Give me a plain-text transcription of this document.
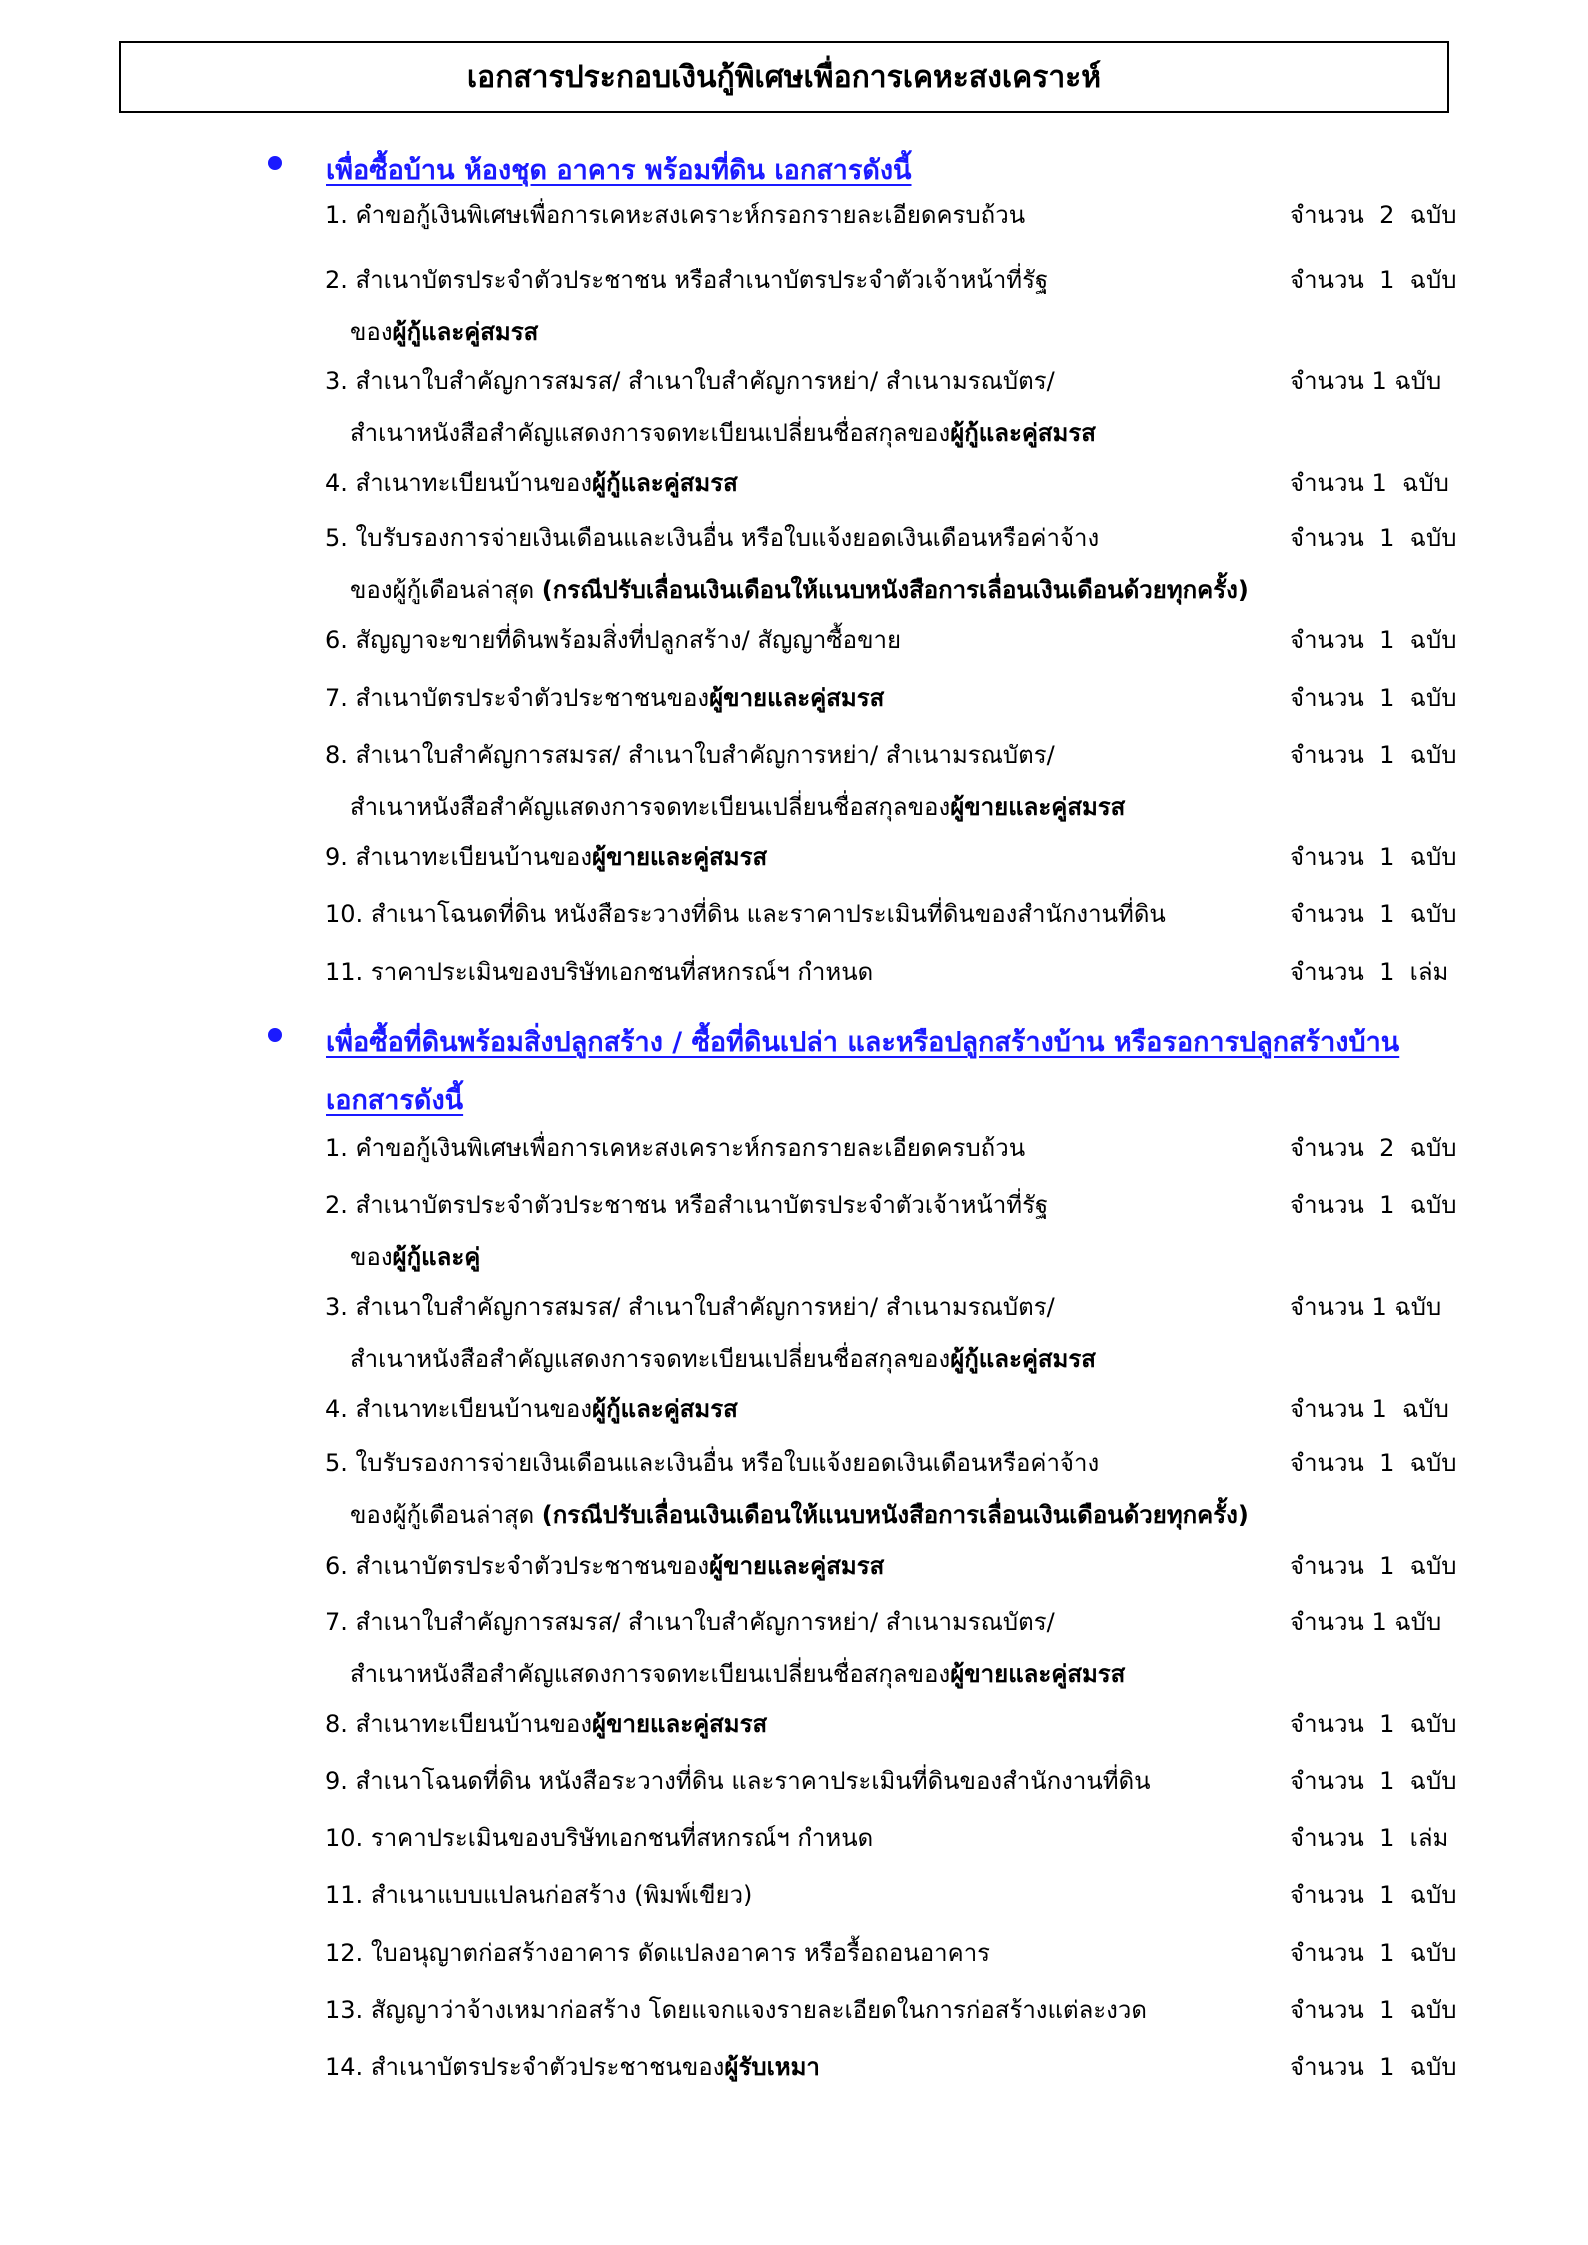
เอกสารประกอบเงินกู้พิเศษเพื่อการเคหะสงเคราะห์
เพื่อซื้อบ้าน ห้องชุด อาคาร พร้อมที่ดิน เอกสารดังนี้
1. คำขอกู้เงินพิเศษเพื่อการเคหะสงเคราะห์กรอกรายละเอียดครบถ้วน	จำนวน  2  ฉบับ
2. สำเนาบัตรประจำตัวประชาชน หรือสำเนาบัตรประจำตัวเจ้าหน้าที่รัฐ	จำนวน  1  ฉบับ
ของผู้กู้และคู่สมรส
3. สำเนาใบสำคัญการสมรส/ สำเนาใบสำคัญการหย่า/ สำเนามรณบัตร/	จำนวน 1 ฉบับ
สำเนาหนังสือสำคัญแสดงการจดทะเบียนเปลี่ยนชื่อสกุลของผู้กู้และคู่สมรส
4. สำเนาทะเบียนบ้านของผู้กู้และคู่สมรส	จำนวน 1  ฉบับ
5. ใบรับรองการจ่ายเงินเดือนและเงินอื่น หรือใบแจ้งยอดเงินเดือนหรือค่าจ้าง	จำนวน  1  ฉบับ
ของผู้กู้เดือนล่าสุด (กรณีปรับเลื่อนเงินเดือนให้แนบหนังสือการเลื่อนเงินเดือนด้วยทุกครั้ง)
6. สัญญาจะขายที่ดินพร้อมสิ่งที่ปลูกสร้าง/ สัญญาซื้อขาย	จำนวน  1  ฉบับ
7. สำเนาบัตรประจำตัวประชาชนของผู้ขายและคู่สมรส	จำนวน  1  ฉบับ
8. สำเนาใบสำคัญการสมรส/ สำเนาใบสำคัญการหย่า/ สำเนามรณบัตร/	จำนวน  1  ฉบับ
สำเนาหนังสือสำคัญแสดงการจดทะเบียนเปลี่ยนชื่อสกุลของผู้ขายและคู่สมรส
9. สำเนาทะเบียนบ้านของผู้ขายและคู่สมรส	จำนวน  1  ฉบับ
10. สำเนาโฉนดที่ดิน หนังสือระวางที่ดิน และราคาประเมินที่ดินของสำนักงานที่ดิน	จำนวน  1  ฉบับ
11. ราคาประเมินของบริษัทเอกชนที่สหกรณ์ฯ กำหนด	จำนวน  1  เล่ม
เพื่อซื้อที่ดินพร้อมสิ่งปลูกสร้าง / ซื้อที่ดินเปล่า และหรือปลูกสร้างบ้าน หรือรอการปลูกสร้างบ้าน
เอกสารดังนี้
1. คำขอกู้เงินพิเศษเพื่อการเคหะสงเคราะห์กรอกรายละเอียดครบถ้วน	จำนวน  2  ฉบับ
2. สำเนาบัตรประจำตัวประชาชน หรือสำเนาบัตรประจำตัวเจ้าหน้าที่รัฐ	จำนวน  1  ฉบับ
ของผู้กู้และคู่
3. สำเนาใบสำคัญการสมรส/ สำเนาใบสำคัญการหย่า/ สำเนามรณบัตร/	จำนวน 1 ฉบับ
สำเนาหนังสือสำคัญแสดงการจดทะเบียนเปลี่ยนชื่อสกุลของผู้กู้และคู่สมรส
4. สำเนาทะเบียนบ้านของผู้กู้และคู่สมรส	จำนวน 1  ฉบับ
5. ใบรับรองการจ่ายเงินเดือนและเงินอื่น หรือใบแจ้งยอดเงินเดือนหรือค่าจ้าง	จำนวน  1  ฉบับ
ของผู้กู้เดือนล่าสุด (กรณีปรับเลื่อนเงินเดือนให้แนบหนังสือการเลื่อนเงินเดือนด้วยทุกครั้ง)
6. สำเนาบัตรประจำตัวประชาชนของผู้ขายและคู่สมรส	จำนวน  1  ฉบับ
7. สำเนาใบสำคัญการสมรส/ สำเนาใบสำคัญการหย่า/ สำเนามรณบัตร/	จำนวน 1 ฉบับ
สำเนาหนังสือสำคัญแสดงการจดทะเบียนเปลี่ยนชื่อสกุลของผู้ขายและคู่สมรส
8. สำเนาทะเบียนบ้านของผู้ขายและคู่สมรส	จำนวน  1  ฉบับ
9. สำเนาโฉนดที่ดิน หนังสือระวางที่ดิน และราคาประเมินที่ดินของสำนักงานที่ดิน	จำนวน  1  ฉบับ
10. ราคาประเมินของบริษัทเอกชนที่สหกรณ์ฯ กำหนด	จำนวน  1  เล่ม
11. สำเนาแบบแปลนก่อสร้าง (พิมพ์เขียว)	จำนวน  1  ฉบับ
12. ใบอนุญาตก่อสร้างอาคาร ดัดแปลงอาคาร หรือรื้อถอนอาคาร	จำนวน  1  ฉบับ
13. สัญญาว่าจ้างเหมาก่อสร้าง โดยแจกแจงรายละเอียดในการก่อสร้างแต่ละงวด	จำนวน  1  ฉบับ
14. สำเนาบัตรประจำตัวประชาชนของผู้รับเหมา	จำนวน  1  ฉบับ
